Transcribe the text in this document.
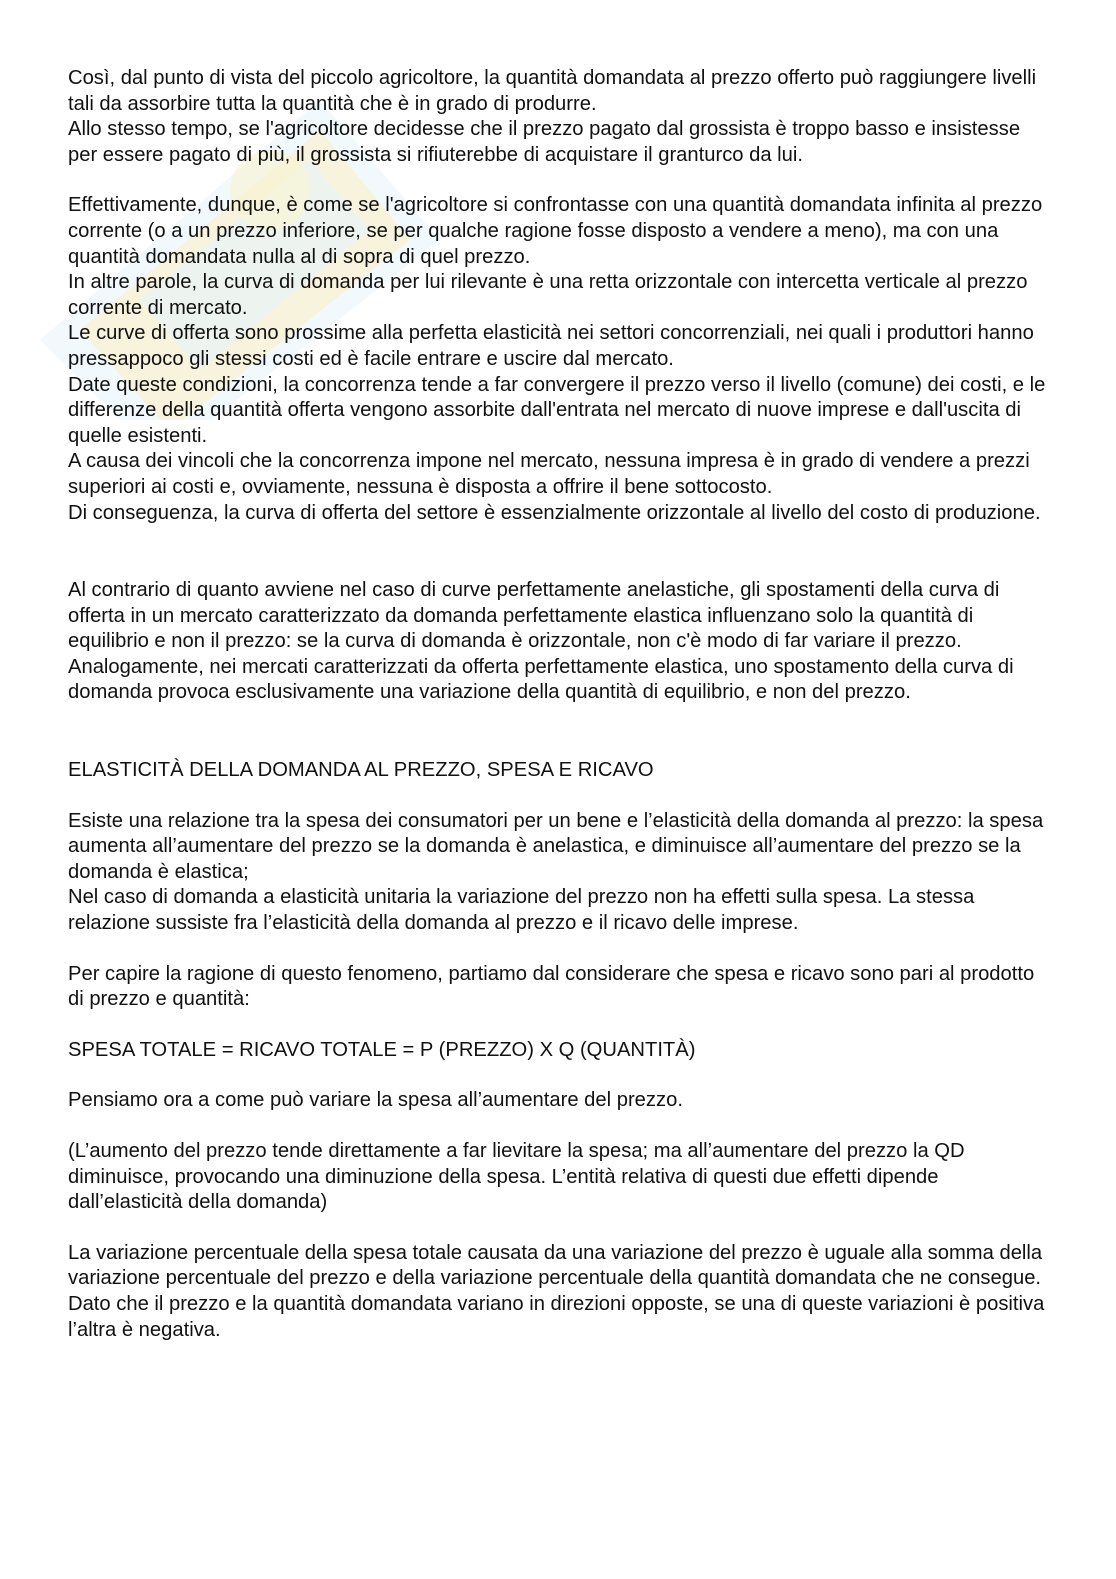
Così, dal punto di vista del piccolo agricoltore, la quantità domandata al prezzo offerto può raggiungere livelli tali da assorbire tutta la quantità che è in grado di produrre.

Allo stesso tempo, se l'agricoltore decidesse che il prezzo pagato dal grossista è troppo basso e insistesse per essere pagato di più, il grossista si rifiuterebbe di acquistare il granturco da lui.

Effettivamente, dunque, è come se l'agricoltore si confrontasse con una quantità domandata infinita al prezzo corrente (o a un prezzo inferiore, se per qualche ragione fosse disposto a vendere a meno), ma con una quantità domandata nulla al di sopra di quel prezzo.

In altre parole, la curva di domanda per lui rilevante è una retta orizzontale con intercetta verticale al prezzo corrente di mercato.

Le curve di offerta sono prossime alla perfetta elasticità nei settori concorrenziali, nei quali i produttori hanno pressappoco gli stessi costi ed è facile entrare e uscire dal mercato.

Date queste condizioni, la concorrenza tende a far convergere il prezzo verso il livello (comune) dei costi, e le differenze della quantità offerta vengono assorbite dall'entrata nel mercato di nuove imprese e dall'uscita di quelle esistenti.

A causa dei vincoli che la concorrenza impone nel mercato, nessuna impresa è in grado di vendere a prezzi superiori ai costi e, ovviamente, nessuna è disposta a offrire il bene sottocosto.

Di conseguenza, la curva di offerta del settore è essenzialmente orizzontale al livello del costo di produzione.

Al contrario di quanto avviene nel caso di curve perfettamente anelastiche, gli spostamenti della curva di offerta in un mercato caratterizzato da domanda perfettamente elastica influenzano solo la quantità di equilibrio e non il prezzo: se la curva di domanda è orizzontale, non c'è modo di far variare il prezzo.

Analogamente, nei mercati caratterizzati da offerta perfettamente elastica, uno spostamento della curva di domanda provoca esclusivamente una variazione della quantità di equilibrio, e non del prezzo.

ELASTICITÀ DELLA DOMANDA AL PREZZO, SPESA E RICAVO

Esiste una relazione tra la spesa dei consumatori per un bene e l’elasticità della domanda al prezzo: la spesa aumenta all’aumentare del prezzo se la domanda è anelastica, e diminuisce all’aumentare del prezzo se la domanda è elastica;

Nel caso di domanda a elasticità unitaria la variazione del prezzo non ha effetti sulla spesa. La stessa relazione sussiste fra l’elasticità della domanda al prezzo e il ricavo delle imprese.

Per capire la ragione di questo fenomeno, partiamo dal considerare che spesa e ricavo sono pari al prodotto di prezzo e quantità:

SPESA TOTALE = RICAVO TOTALE = P (PREZZO) X Q (QUANTITÀ)

Pensiamo ora a come può variare la spesa all’aumentare del prezzo.

(L’aumento del prezzo tende direttamente a far lievitare la spesa; ma all’aumentare del prezzo la QD diminuisce, provocando una diminuzione della spesa. L’entità relativa di questi due effetti dipende dall’elasticità della domanda)

La variazione percentuale della spesa totale causata da una variazione del prezzo è uguale alla somma della variazione percentuale del prezzo e della variazione percentuale della quantità domandata che ne consegue.

Dato che il prezzo e la quantità domandata variano in direzioni opposte, se una di queste variazioni è positiva l’altra è negativa.
